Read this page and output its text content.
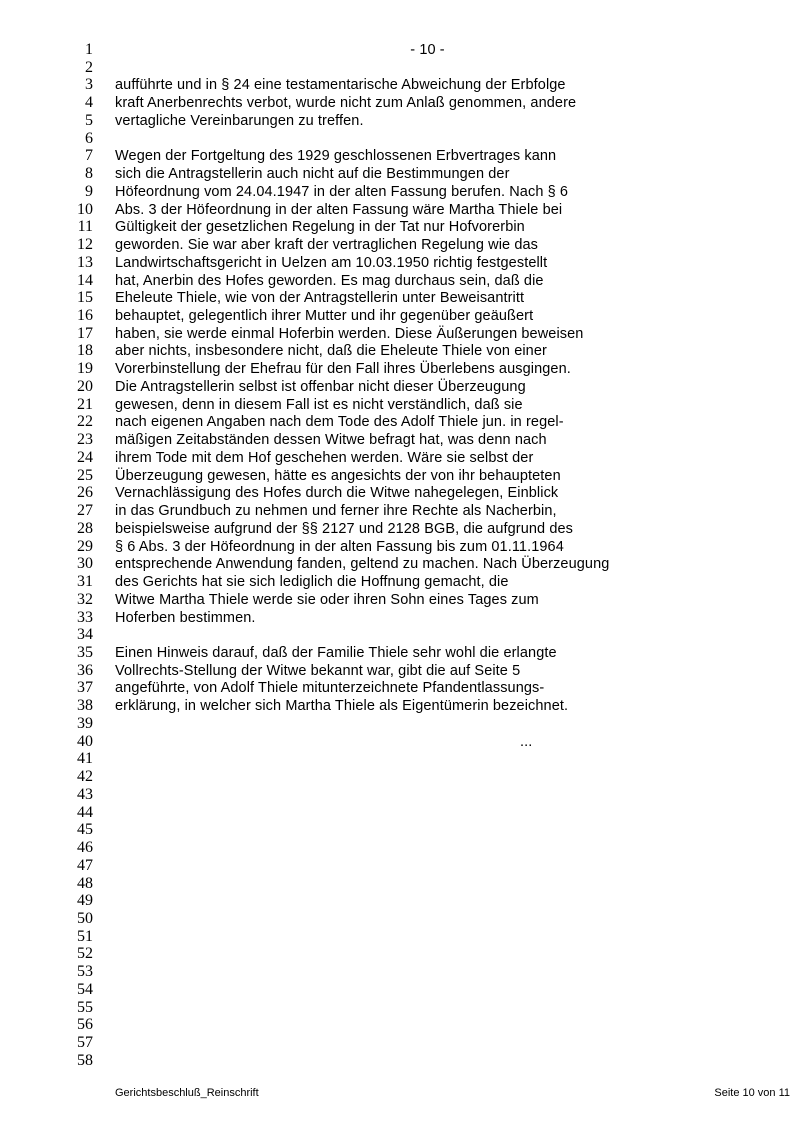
1	- 10 -
2
3 aufführte und in § 24 eine testamentarische Abweichung der Erbfolge
4 kraft Anerbenrechts verbot, wurde nicht zum Anlaß genommen, andere
5 vertagliche Vereinbarungen zu treffen.
6
7 Wegen der Fortgeltung des 1929 geschlossenen Erbvertrages kann
8 sich die Antragstellerin auch nicht auf die Bestimmungen der
9 Höfeordnung vom 24.04.1947 in der alten Fassung berufen. Nach § 6
10 Abs. 3 der Höfeordnung in der alten Fassung wäre Martha Thiele bei
11 Gültigkeit der gesetzlichen Regelung in der Tat nur Hofvorerbin
12 geworden. Sie war aber kraft der vertraglichen Regelung wie das
13 Landwirtschaftsgericht in Uelzen am 10.03.1950 richtig festgestellt
14 hat, Anerbin des Hofes geworden. Es mag durchaus sein, daß die
15 Eheleute Thiele, wie von der Antragstellerin unter Beweisantritt
16 behauptet, gelegentlich ihrer Mutter und ihr gegenüber geäußert
17 haben, sie werde einmal Hoferbin werden. Diese Äußerungen beweisen
18 aber nichts, insbesondere nicht, daß die Eheleute Thiele von einer
19 Vorerbinstellung der Ehefrau für den Fall ihres Überlebens ausgingen.
20 Die Antragstellerin selbst ist offenbar nicht dieser Überzeugung
21 gewesen, denn in diesem Fall ist es nicht verständlich, daß sie
22 nach eigenen Angaben nach dem Tode des Adolf Thiele jun. in regel-
23 mäßigen Zeitabständen dessen Witwe befragt hat, was denn nach
24 ihrem Tode mit dem Hof geschehen werden. Wäre sie selbst der
25 Überzeugung gewesen, hätte es angesichts der von ihr behaupteten
26 Vernachlässigung des Hofes durch die Witwe nahegelegen, Einblick
27 in das Grundbuch zu nehmen und ferner ihre Rechte als Nacherbin,
28 beispielsweise aufgrund der §§ 2127 und 2128 BGB, die aufgrund des
29 § 6 Abs. 3 der Höfeordnung in der alten Fassung bis zum 01.11.1964
30 entsprechende Anwendung fanden, geltend zu machen. Nach Überzeugung
31 des Gerichts hat sie sich lediglich die Hoffnung gemacht, die
32 Witwe Martha Thiele werde sie oder ihren Sohn eines Tages zum
33 Hoferben bestimmen.
34
35 Einen Hinweis darauf, daß der Familie Thiele sehr wohl die erlangte
36 Vollrechts-Stellung der Witwe bekannt war, gibt die auf Seite 5
37 angeführte, von Adolf Thiele mitunterzeichnete Pfandentlassungs-
38 erklärung, in welcher sich Martha Thiele als Eigentümerin bezeichnet.
39
40	...
41
42
43
44
45
46
47
48
49
50
51
52
53
54
55
56
57
58
Gerichtsbeschluß_Reinschrift	Seite 10 von 11
